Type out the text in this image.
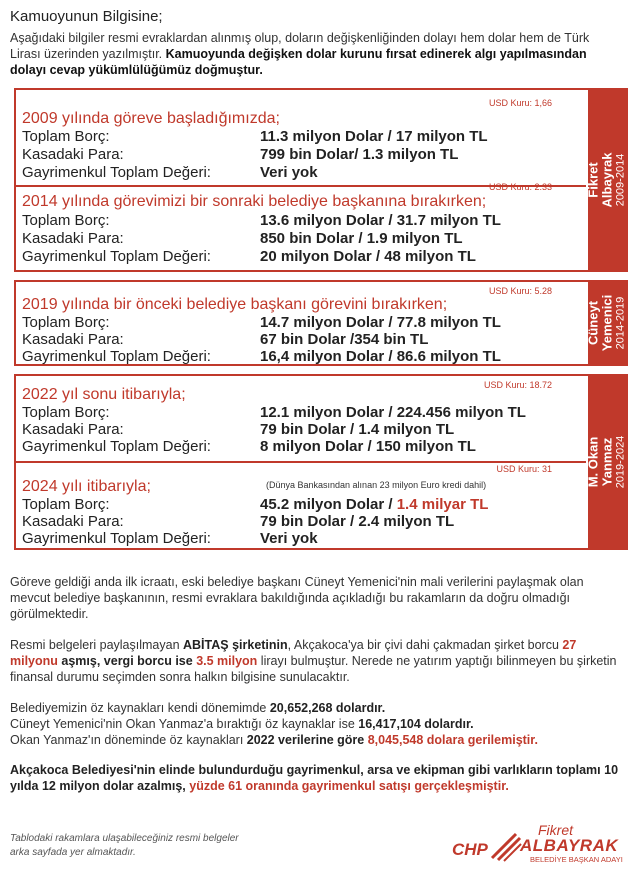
Kamuoyunun Bilgisine;
Aşağıdaki bilgiler resmi evraklardan alınmış olup, doların değişkenliğinden dolayı hem dolar hem de Türk Lirası üzerinden yazılmıştır. Kamuoyunda değişken dolar kurunu fırsat edinerek algı yapılmasından dolayı cevap yükümlülüğümüz doğmuştur.
USD Kuru: 1,66
2009 yılında göreve başladığımızda;
Toplam Borç:	11.3 milyon Dolar / 17 milyon TL
Kasadaki Para:	799 bin Dolar/ 1.3 milyon TL
Gayrimenkul Toplam Değeri:	Veri yok
USD Kuru: 2.33
2014 yılında görevimizi bir sonraki belediye başkanına bırakırken;
Toplam Borç:	13.6 milyon Dolar / 31.7 milyon TL
Kasadaki Para:	850 bin Dolar / 1.9 milyon TL
Gayrimenkul Toplam Değeri:	20 milyon Dolar / 48 milyon TL
Fikret Albayrak 2009-2014
USD Kuru: 5.28
2019 yılında bir önceki belediye başkanı görevini bırakırken;
Toplam Borç:	14.7 milyon Dolar / 77.8 milyon TL
Kasadaki Para:	67 bin Dolar /354 bin TL
Gayrimenkul Toplam Değeri:	16,4 milyon Dolar / 86.6 milyon TL
Cüneyt Yemenici 2014-2019
USD Kuru: 18.72
2022 yıl sonu itibarıyla;
Toplam Borç:	12.1 milyon Dolar / 224.456 milyon TL
Kasadaki Para:	79 bin Dolar / 1.4 milyon TL
Gayrimenkul Toplam Değeri:	8 milyon Dolar / 150 milyon TL
USD Kuru: 31
(Dünya Bankasından alınan 23 milyon Euro kredi dahil)
2024 yılı itibarıyla;
Toplam Borç:	45.2 milyon Dolar / 1.4 milyar TL
Kasadaki Para:	79 bin Dolar / 2.4 milyon TL
Gayrimenkul Toplam Değeri:	Veri yok
M. Okan Yanmaz 2019-2024
Göreve geldiği anda ilk icraatı, eski belediye başkanı Cüneyt Yemenici'nin mali verilerini paylaşmak olan mevcut belediye başkanının, resmi evraklara bakıldığında açıkladığı bu rakamların da doğru olmadığı görülmektedir.
Resmi belgeleri paylaşılmayan ABİTAŞ şirketinin, Akçakoca'ya bir çivi dahi çakmadan şirket borcu 27 milyonu aşmış, vergi borcu ise 3.5 milyon lirayı bulmuştur. Nerede ne yatırım yaptığı bilinmeyen bu şirketin finansal durumu seçimden sonra halkın bilgisine sunulacaktır.
Belediyemizin öz kaynakları kendi dönemimde 20,652,268 dolardır.
Cüneyt Yemenici'nin Okan Yanmaz'a bıraktığı öz kaynaklar ise 16,417,104 dolardır.
Okan Yanmaz'ın döneminde öz kaynakları 2022 verilerine göre 8,045,548 dolara gerilemiştir.
Akçakoca Belediyesi'nin elinde bulundurduğu gayrimenkul, arsa ve ekipman gibi varlıkların toplamı 10 yılda 12 milyon dolar azalmış, yüzde 61 oranında gayrimenkul satışı gerçekleşmiştir.
Tablodaki rakamlara ulaşabileceğiniz resmi belgeler
arka sayfada yer almaktadır.	CHP
Fikret
ALBAYRAK
BELEDİYE BAŞKAN ADAYI
